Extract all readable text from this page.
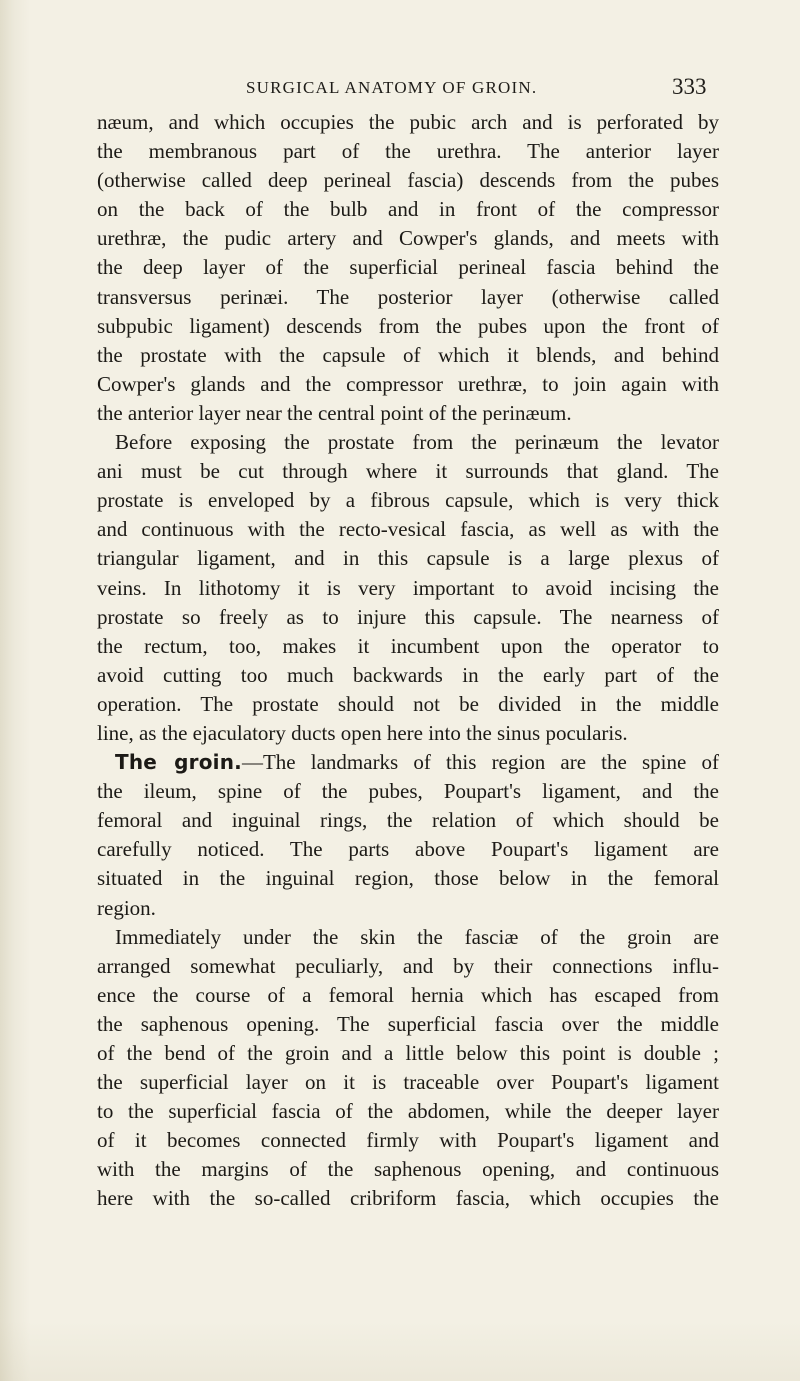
SURGICAL ANATOMY OF GROIN.	333
næum, and which occupies the pubic arch and is perforated by
the membranous part of the urethra. The anterior layer
(otherwise called deep perineal fascia) descends from the pubes
on the back of the bulb and in front of the compressor
urethræ, the pudic artery and Cowper's glands, and meets with
the deep layer of the superficial perineal fascia behind the
transversus perinæi. The posterior layer (otherwise called
subpubic ligament) descends from the pubes upon the front of
the prostate with the capsule of which it blends, and behind
Cowper's glands and the compressor urethræ, to join again with
the anterior layer near the central point of the perinæum.
Before exposing the prostate from the perinæum the levator
ani must be cut through where it surrounds that gland. The
prostate is enveloped by a fibrous capsule, which is very thick
and continuous with the recto-vesical fascia, as well as with the
triangular ligament, and in this capsule is a large plexus of
veins. In lithotomy it is very important to avoid incising the
prostate so freely as to injure this capsule. The nearness of
the rectum, too, makes it incumbent upon the operator to
avoid cutting too much backwards in the early part of the
operation. The prostate should not be divided in the middle
line, as the ejaculatory ducts open here into the sinus pocularis.
The groin.—The landmarks of this region are the spine of
the ileum, spine of the pubes, Poupart's ligament, and the
femoral and inguinal rings, the relation of which should be
carefully noticed. The parts above Poupart's ligament are
situated in the inguinal region, those below in the femoral
region.
Immediately under the skin the fasciæ of the groin are
arranged somewhat peculiarly, and by their connections influ-
ence the course of a femoral hernia which has escaped from
the saphenous opening. The superficial fascia over the middle
of the bend of the groin and a little below this point is double ;
the superficial layer on it is traceable over Poupart's ligament
to the superficial fascia of the abdomen, while the deeper layer
of it becomes connected firmly with Poupart's ligament and
with the margins of the saphenous opening, and continuous
here with the so-called cribriform fascia, which occupies the
